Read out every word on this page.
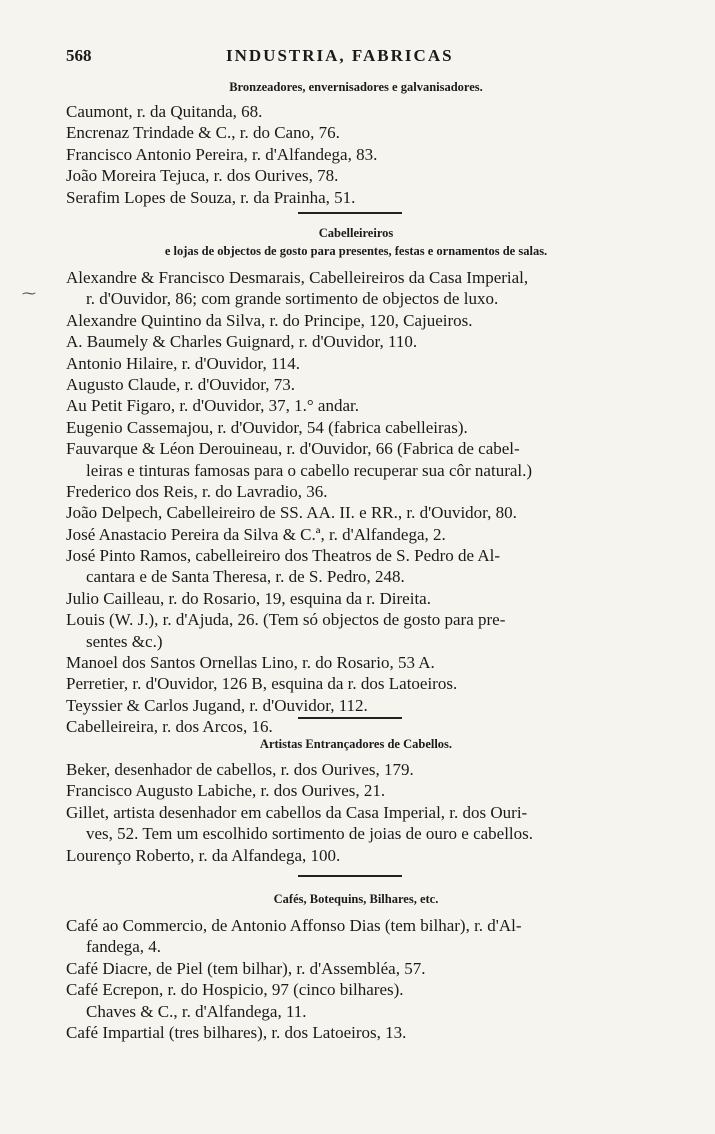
568	INDUSTRIA, FABRICAS
Bronzeadores, envernisadores e galvanisadores.
Caumont, r. da Quitanda, 68.
Encrenaz Trindade & C., r. do Cano, 76.
Francisco Antonio Pereira, r. d'Alfandega, 83.
João Moreira Tejuca, r. dos Ourives, 78.
Serafim Lopes de Souza, r. da Prainha, 51.
Cabelleireiros
e lojas de objectos de gosto para presentes, festas e ornamentos de salas.
Alexandre & Francisco Desmarais, Cabelleireiros da Casa Imperial,
r. d'Ouvidor, 86; com grande sortimento de objectos de luxo.
Alexandre Quintino da Silva, r. do Principe, 120, Cajueiros.
A. Baumely & Charles Guignard, r. d'Ouvidor, 110.
Antonio Hilaire, r. d'Ouvidor, 114.
Augusto Claude, r. d'Ouvidor, 73.
Au Petit Figaro, r. d'Ouvidor, 37, 1.° andar.
Eugenio Cassemajou, r. d'Ouvidor, 54 (fabrica cabelleiras).
Fauvarque & Léon Derouineau, r. d'Ouvidor, 66 (Fabrica de cabel-
leiras e tinturas famosas para o cabello recuperar sua côr natural.)
Frederico dos Reis, r. do Lavradio, 36.
João Delpech, Cabelleireiro de SS. AA. II. e RR., r. d'Ouvidor, 80.
José Anastacio Pereira da Silva & C.ª, r. d'Alfandega, 2.
José Pinto Ramos, cabelleireiro dos Theatros de S. Pedro de Al-
cantara e de Santa Theresa, r. de S. Pedro, 248.
Julio Cailleau, r. do Rosario, 19, esquina da r. Direita.
Louis (W. J.), r. d'Ajuda, 26. (Tem só objectos de gosto para pre-
sentes &c.)
Manoel dos Santos Ornellas Lino, r. do Rosario, 53 A.
Perretier, r. d'Ouvidor, 126 B, esquina da r. dos Latoeiros.
Teyssier & Carlos Jugand, r. d'Ouvidor, 112.
Cabelleireira, r. dos Arcos, 16.
Artistas Entrançadores de Cabellos.
Beker, desenhador de cabellos, r. dos Ourives, 179.
Francisco Augusto Labiche, r. dos Ourives, 21.
Gillet, artista desenhador em cabellos da Casa Imperial, r. dos Ouri-
ves, 52. Tem um escolhido sortimento de joias de ouro e cabellos.
Lourenço Roberto, r. da Alfandega, 100.
Cafés, Botequins, Bilhares, etc.
Café ao Commercio, de Antonio Affonso Dias (tem bilhar), r. d'Al-
fandega, 4.
Café Diacre, de Piel (tem bilhar), r. d'Assembléa, 57.
Café Ecrepon, r. do Hospicio, 97 (cinco bilhares).
Chaves & C., r. d'Alfandega, 11.
Café Impartial (tres bilhares), r. dos Latoeiros, 13.
⁓
